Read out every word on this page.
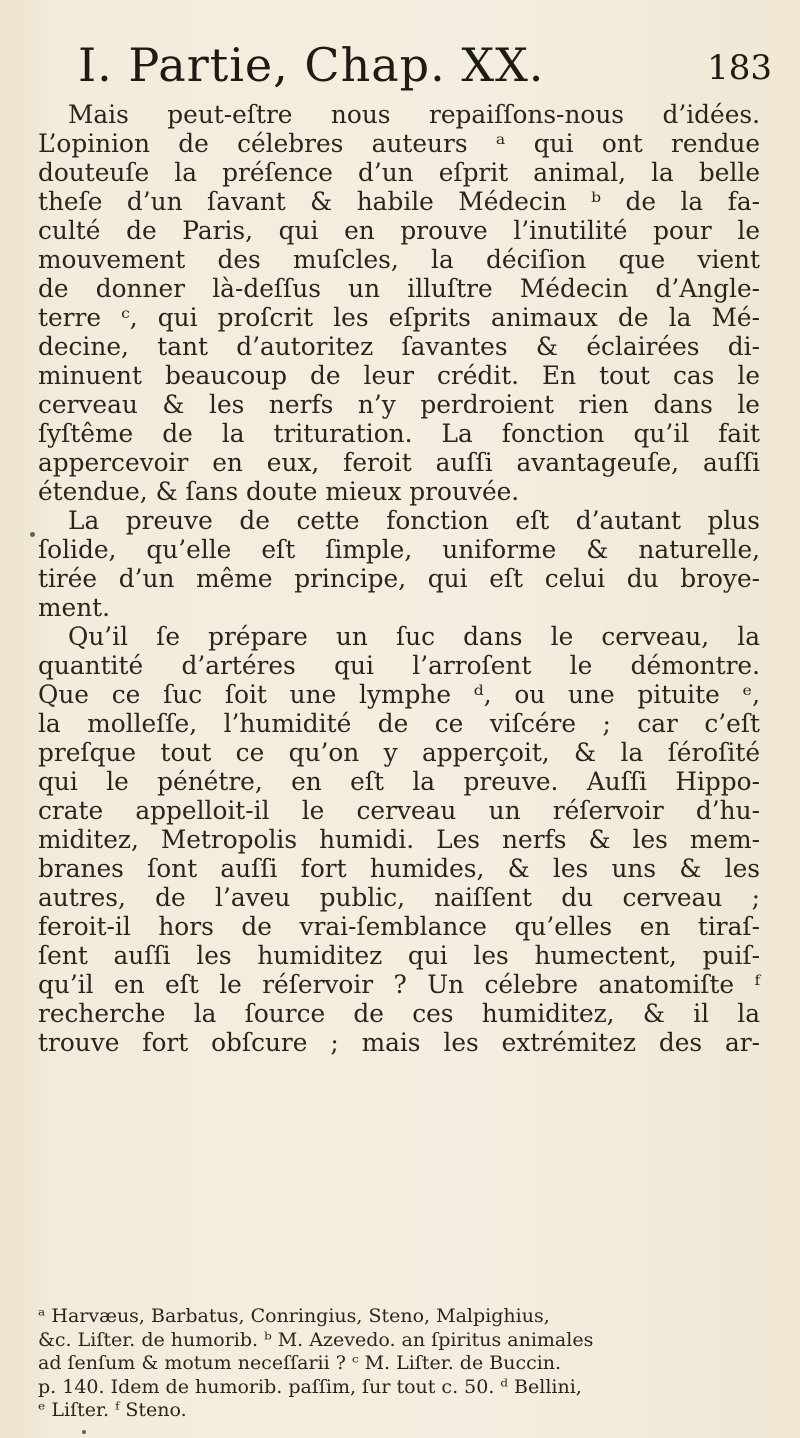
I. Partie, Chap. XX.	183
Mais peut-eſtre nous repaiſſons-nous d’idées.
L’opinion de célebres auteurs ᵃ qui ont rendue
douteuſe la préſence d’un eſprit animal, la belle
theſe d’un ſavant & habile Médecin ᵇ de la fa-
culté de Paris, qui en prouve l’inutilité pour le
mouvement des muſcles, la déciſion que vient
de donner là-deſſus un illuſtre Médecin d’Angle-
terre ᶜ, qui proſcrit les eſprits animaux de la Mé-
decine, tant d’autoritez ſavantes & éclairées di-
minuent beaucoup de leur crédit. En tout cas le
cerveau & les nerfs n’y perdroient rien dans le
ſyſtême de la trituration. La fonction qu’il fait
appercevoir en eux, feroit auſſi avantageuſe, auſſi
étendue, & ſans doute mieux prouvée.
La preuve de cette fonction eſt d’autant plus
ſolide, qu’elle eſt ſimple, uniforme & naturelle,
tirée d’un même principe, qui eſt celui du broye-
ment.
Qu’il ſe prépare un ſuc dans le cerveau, la
quantité d’artéres qui l’arroſent le démontre.
Que ce ſuc ſoit une lymphe ᵈ, ou une pituite ᵉ,
la molleſſe, l’humidité de ce viſcére ; car c’eſt
preſque tout ce qu’on y apperçoit, & la ſéroſité
qui le pénétre, en eſt la preuve. Auſſi Hippo-
crate appelloit-il le cerveau un réſervoir d’hu-
miditez, Metropolis humidi. Les nerfs & les mem-
branes ſont auſſi fort humides, & les uns & les
autres, de l’aveu public, naiſſent du cerveau ;
feroit-il hors de vrai-ſemblance qu’elles en tiraſ-
ſent auſſi les humiditez qui les humectent, puiſ-
qu’il en eſt le réſervoir ? Un célebre anatomiſte ᶠ
recherche la ſource de ces humiditez, & il la
trouve fort obſcure ; mais les extrémitez des ar-
ᵃ Harvæus, Barbatus, Conringius, Steno, Malpighius,
&c. Liſter. de humorib. ᵇ M. Azevedo. an ſpiritus animales
ad ſenſum & motum neceſſarii ? ᶜ M. Liſter. de Buccin.
p. 140. Idem de humorib. paſſim, ſur tout c. 50. ᵈ Bellini,
ᵉ Liſter. ᶠ Steno.
